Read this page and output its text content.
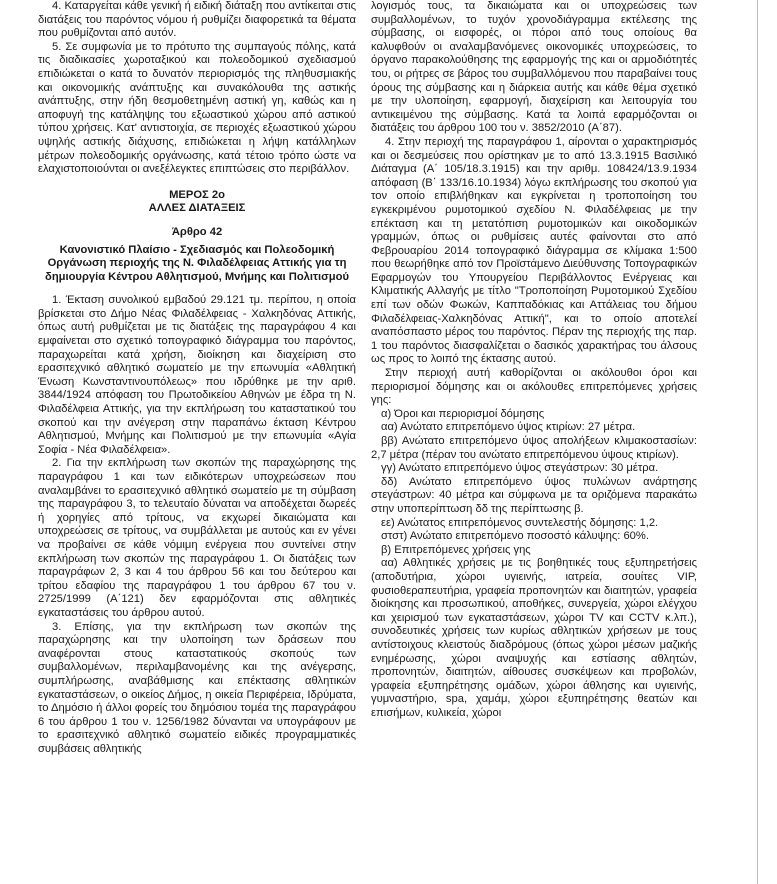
4. Καταργείται κάθε γενική ή ειδική διάταξη που αντίκειται στις διατάξεις του παρόντος νόμου ή ρυθμίζει διαφορετικά τα θέματα που ρυθμίζονται από αυτόν.

5. Σε συμφωνία με το πρότυπο της συμπαγούς πόλης, κατά τις διαδικασίες χωροταξικού και πολεοδομικού σχεδιασμού επιδιώκεται ο κατά το δυνατόν περιορισμός της πληθυσμιακής και οικονομικής ανάπτυξης και συνακόλουθα της αστικής ανάπτυξης, στην ήδη θεσμοθετημένη αστική γη, καθώς και η αποφυγή της κατάληψης του εξωαστικού χώρου από αστικού τύπου χρήσεις. Κατ' αντιστοιχία, σε περιοχές εξωαστικού χώρου υψηλής αστικής διάχυσης, επιδιώκεται η λήψη κατάλληλων μέτρων πολεοδομικής οργάνωσης, κατά τέτοιο τρόπο ώστε να ελαχιστοποιούνται οι ανεξέλεγκτες επιπτώσεις στο περιβάλλον.

ΜΕΡΟΣ 2ο

ΑΛΛΕΣ ΔΙΑΤΑΞΕΙΣ

Άρθρο 42

Κανονιστικό Πλαίσιο - Σχεδιασμός και Πολεοδομική Οργάνωση περιοχής της Ν. Φιλαδέλφειας Αττικής για τη δημιουργία Κέντρου Αθλητισμού, Μνήμης και Πολιτισμού

1. Έκταση συνολικού εμβαδού 29.121 τμ. περίπου, η οποία βρίσκεται στο Δήμο Νέας Φιλαδέλφειας - Χαλκηδόνας Αττικής, όπως αυτή ρυθμίζεται με τις διατάξεις της παραγράφου 4 και εμφαίνεται στο σχετικό τοπογραφικό διάγραμμα του παρόντος, παραχωρείται κατά χρήση, διοίκηση και διαχείριση στο ερασιτεχνικό αθλητικό σωματείο με την επωνυμία «Αθλητική Ένωση Κωνσταντινουπόλεως» που ιδρύθηκε με την αριθ. 3844/1924 απόφαση του Πρωτοδικείου Αθηνών με έδρα τη Ν. Φιλαδέλφεια Αττικής, για την εκπλήρωση του καταστατικού του σκοπού και την ανέγερση στην παραπάνω έκταση Κέντρου Αθλητισμού, Μνήμης και Πολιτισμού με την επωνυμία «Αγία Σοφία - Νέα Φιλαδέλφεια».

2. Για την εκπλήρωση των σκοπών της παραχώρησης της παραγράφου 1 και των ειδικότερων υποχρεώσεων που αναλαμβάνει το ερασιτεχνικό αθλητικό σωματείο με τη σύμβαση της παραγράφου 3, το τελευταίο δύναται να αποδέχεται δωρεές ή χορηγίες από τρίτους, να εκχωρεί δικαιώματα και υποχρεώσεις σε τρίτους, να συμβάλλεται με αυτούς και εν γένει να προβαίνει σε κάθε νόμιμη ενέργεια που συντείνει στην εκπλήρωση των σκοπών της παραγράφου 1. Οι διατάξεις των παραγράφων 2, 3 και 4 του άρθρου 56 και του δεύτερου και τρίτου εδαφίου της παραγράφου 1 του άρθρου 67 του ν. 2725/1999 (Α΄121) δεν εφαρμόζονται στις αθλητικές εγκαταστάσεις του άρθρου αυτού.

3. Επίσης, για την εκπλήρωση των σκοπών της παραχώρησης και την υλοποίηση των δράσεων που αναφέρονται στους καταστατικούς σκοπούς των συμβαλλομένων, περιλαμβανομένης και της ανέγερσης, συμπλήρωσης, αναβάθμισης και επέκτασης αθλητικών εγκαταστάσεων, ο οικείος Δήμος, η οικεία Περιφέρεια, Ιδρύματα, το Δημόσιο ή άλλοι φορείς του δημόσιου τομέα της παραγράφου 6 του άρθρου 1 του ν. 1256/1982 δύνανται να υπογράφουν με το ερασιτεχνικό αθλητικό σωματείο ειδικές προγραμματικές συμβάσεις αθλητικής

λογισμός τους, τα δικαιώματα και οι υποχρεώσεις των συμβαλλομένων, το τυχόν χρονοδιάγραμμα εκτέλεσης της σύμβασης, οι εισφορές, οι πόροι από τους οποίους θα καλυφθούν οι αναλαμβανόμενες οικονομικές υποχρεώσεις, το όργανο παρακολούθησης της εφαρμογής της και οι αρμοδιότητές του, οι ρήτρες σε βάρος του συμβαλλόμενου που παραβαίνει τους όρους της σύμβασης και η διάρκεια αυτής και κάθε θέμα σχετικό με την υλοποίηση, εφαρμογή, διαχείριση και λειτουργία του αντικειμένου της σύμβασης. Κατά τα λοιπά εφαρμόζονται οι διατάξεις του άρθρου 100 του ν. 3852/2010 (Α΄87).

4. Στην περιοχή της παραγράφου 1, αίρονται ο χαρακτηρισμός και οι δεσμεύσεις που ορίστηκαν με το από 13.3.1915 Βασιλικό Διάταγμα (Α΄ 105/18.3.1915) και την αριθμ. 108424/13.9.1934 απόφαση (Β΄ 133/16.10.1934) λόγω εκπλήρωσης του σκοπού για τον οποίο επιβλήθηκαν και εγκρίνεται η τροποποίηση του εγκεκριμένου ρυμοτομικού σχεδίου Ν. Φιλαδέλφειας με την επέκταση και τη μετατόπιση ρυμοτομικών και οικοδομικών γραμμών, όπως οι ρυθμίσεις αυτές φαίνονται στο από Φεβρουαρίου 2014 τοπογραφικό διάγραμμα σε κλίμακα 1:500 που θεωρήθηκε από τον Προϊστάμενο Διεύθυνσης Τοπογραφικών Εφαρμογών του Υπουργείου Περιβάλλοντος Ενέργειας και Κλιματικής Αλλαγής με τίτλο "Τροποποίηση Ρυμοτομικού Σχεδίου επί των οδών Φωκών, Καππαδόκιας και Αττάλειας του δήμου Φιλαδέλφειας-Χαλκηδόνας Αττική", και το οποίο αποτελεί αναπόσπαστο μέρος του παρόντος. Πέραν της περιοχής της παρ. 1 του παρόντος διασφαλίζεται ο δασικός χαρακτήρας του άλσους ως προς το λοιπό της έκτασης αυτού.

Στην περιοχή αυτή καθορίζονται οι ακόλουθοι όροι και περιορισμοί δόμησης και οι ακόλουθες επιτρεπόμενες χρήσεις γης:

α) Όροι και περιορισμοί δόμησης

αα) Ανώτατο επιτρεπόμενο ύψος κτιρίων: 27 μέτρα.

ββ) Ανώτατο επιτρεπόμενο ύψος απολήξεων κλιμακοστασίων: 2,7 μέτρα (πέραν του ανώτατο επιτρεπόμενου ύψους κτιρίων).

γγ) Ανώτατο επιτρεπόμενο ύψος στεγάστρων: 30 μέτρα.

δδ) Ανώτατο επιτρεπόμενο ύψος πυλώνων ανάρτησης στεγάστρων: 40 μέτρα και σύμφωνα με τα οριζόμενα παρακάτω στην υποπερίπτωση δδ της περίπτωσης β.

εε) Ανώτατος επιτρεπόμενος συντελεστής δόμησης: 1,2.

στστ) Ανώτατο επιτρεπόμενο ποσοστό κάλυψης: 60%.

β) Επιτρεπόμενες χρήσεις γης

αα) Αθλητικές χρήσεις με τις βοηθητικές τους εξυπηρετήσεις (αποδυτήρια, χώροι υγιεινής, ιατρεία, σουίτες VIP, φυσιοθεραπευτήρια, γραφεία προπονητών και διαιτητών, γραφεία διοίκησης και προσωπικού, αποθήκες, συνεργεία, χώροι ελέγχου και χειρισμού των εγκαταστάσεων, χώροι TV και CCTV κ.λπ.), συνοδευτικές χρήσεις των κυρίως αθλητικών χρήσεων με τους αντίστοιχους κλειστούς διαδρόμους (όπως χώροι μέσων μαζικής ενημέρωσης, χώροι αναψυχής και εστίασης αθλητών, προπονητών, διαιτητών, αίθουσες συσκέψεων και προβολών, γραφεία εξυπηρέτησης ομάδων, χώροι άθλησης και υγιεινής, γυμναστήριο, spa, χαμάμ, χώροι εξυπηρέτησης θεατών και επισήμων, κυλικεία, χώροι
